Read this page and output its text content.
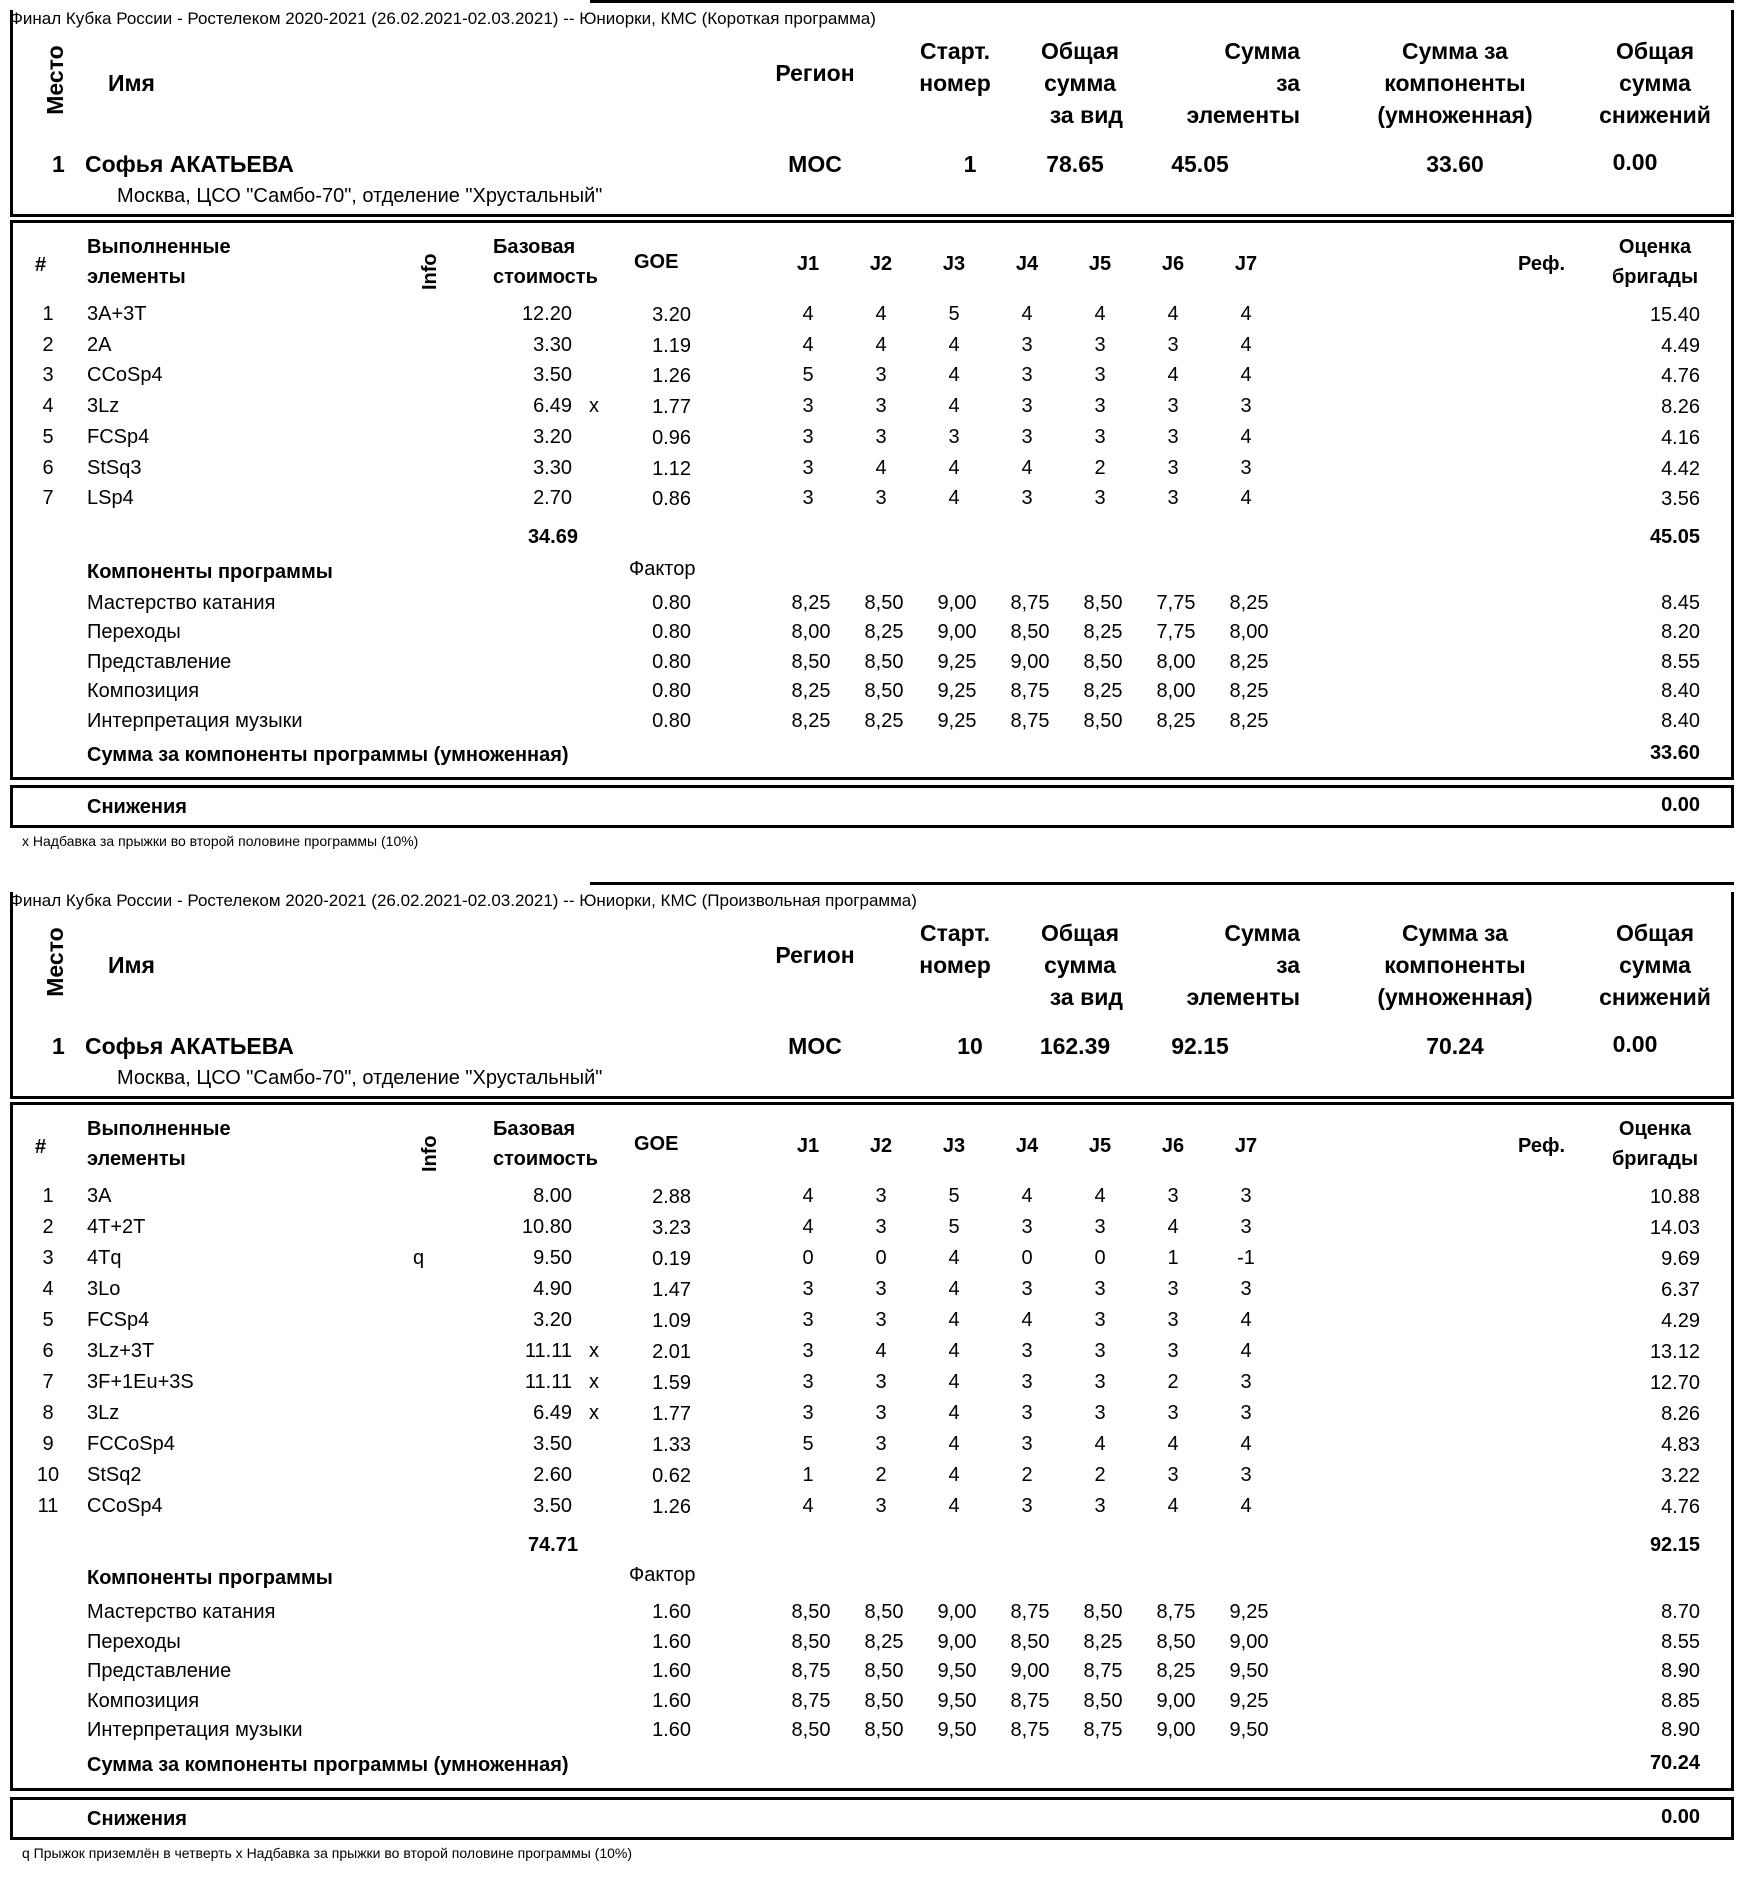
Финал Кубка России - Ростелеком 2020-2021 (26.02.2021-02.03.2021) -- Юниорки, КМС (Короткая программа)
Место Имя	Регион
Старт.
номер
Общая
сумма
за вид
Сумма
за
элементы
Сумма за
компоненты
(умноженная)
Общая
сумма
снижений
1 Софья АКАТЬЕВА
Москва, ЦСО "Самбо-70", отделение "Хрустальный"
MOC	1	78.65	45.05	33.60	0.00
#
Выполненные
элементы	Info
Базовая
стоимость
GOE	J1	J2	J3	J4	J5	J6	J7	Реф.
Оценка
бригады
1	3A+3T	12.20	3.20	4	4	5	4	4	4	4	15.40
2	2A	3.30	1.19	4	4	4	3	3	3	4	4.49
3	CCoSp4	3.50	1.26	5	3	4	3	3	4	4	4.76
4	3Lz	6.49 x	1.77	3	3	4	3	3	3	3	8.26
5	FCSp4	3.20	0.96	3	3	3	3	3	3	4	4.16
6	StSq3	3.30	1.12	3	4	4	4	2	3	3	4.42
7	LSp4	2.70	0.86	3	3	4	3	3	3	4	3.56
34.69	45.05
Компоненты программы	Фактор
Мастерство катания	0.80	8,25	8,50	9,00	8,75	8,50	7,75	8,25	8.45
Переходы	0.80	8,00	8,25	9,00	8,50	8,25	7,75	8,00	8.20
Представление	0.80	8,50	8,50	9,25	9,00	8,50	8,00	8,25	8.55
Композиция	0.80	8,25	8,50	9,25	8,75	8,25	8,00	8,25	8.40
Интерпретация музыки	0.80	8,25	8,25	9,25	8,75	8,50	8,25	8,25	8.40
Сумма за компоненты программы (умноженная)	33.60
Снижения	0.00
x Надбавка за прыжки во второй половине программы (10%)
Финал Кубка России - Ростелеком 2020-2021 (26.02.2021-02.03.2021) -- Юниорки, КМС (Произвольная программа)
Место Имя	Регион
Старт.
номер
Общая
сумма
за вид
Сумма
за
элементы
Сумма за
компоненты
(умноженная)
Общая
сумма
снижений
1 Софья АКАТЬЕВА
Москва, ЦСО "Самбо-70", отделение "Хрустальный"
MOC	10	162.39	92.15	70.24	0.00
#
Выполненные
элементы	Info
Базовая
стоимость
GOE	J1	J2	J3	J4	J5	J6	J7	Реф.
Оценка
бригады
1	3A	8.00	2.88	4	3	5	4	4	3	3	10.88
2	4T+2T	10.80	3.23	4	3	5	3	3	4	3	14.03
3	4Tq	q	9.50	0.19	0	0	4	0	0	1	-1	9.69
4	3Lo	4.90	1.47	3	3	4	3	3	3	3	6.37
5	FCSp4	3.20	1.09	3	3	4	4	3	3	4	4.29
6	3Lz+3T	11.11 x	2.01	3	4	4	3	3	3	4	13.12
7	3F+1Eu+3S	11.11 x	1.59	3	3	4	3	3	2	3	12.70
8	3Lz	6.49 x	1.77	3	3	4	3	3	3	3	8.26
9	FCCoSp4	3.50	1.33	5	3	4	3	4	4	4	4.83
10	StSq2	2.60	0.62	1	2	4	2	2	3	3	3.22
11	CCoSp4	3.50	1.26	4	3	4	3	3	4	4	4.76
74.71	92.15
Компоненты программы	Фактор
Мастерство катания	1.60	8,50	8,50	9,00	8,75	8,50	8,75	9,25	8.70
Переходы	1.60	8,50	8,25	9,00	8,50	8,25	8,50	9,00	8.55
Представление	1.60	8,75	8,50	9,50	9,00	8,75	8,25	9,50	8.90
Композиция	1.60	8,75	8,50	9,50	8,75	8,50	9,00	9,25	8.85
Интерпретация музыки	1.60	8,50	8,50	9,50	8,75	8,75	9,00	9,50	8.90
Сумма за компоненты программы (умноженная)	70.24
Снижения	0.00
q Прыжок приземлён в четверть x Надбавка за прыжки во второй половине программы (10%)
